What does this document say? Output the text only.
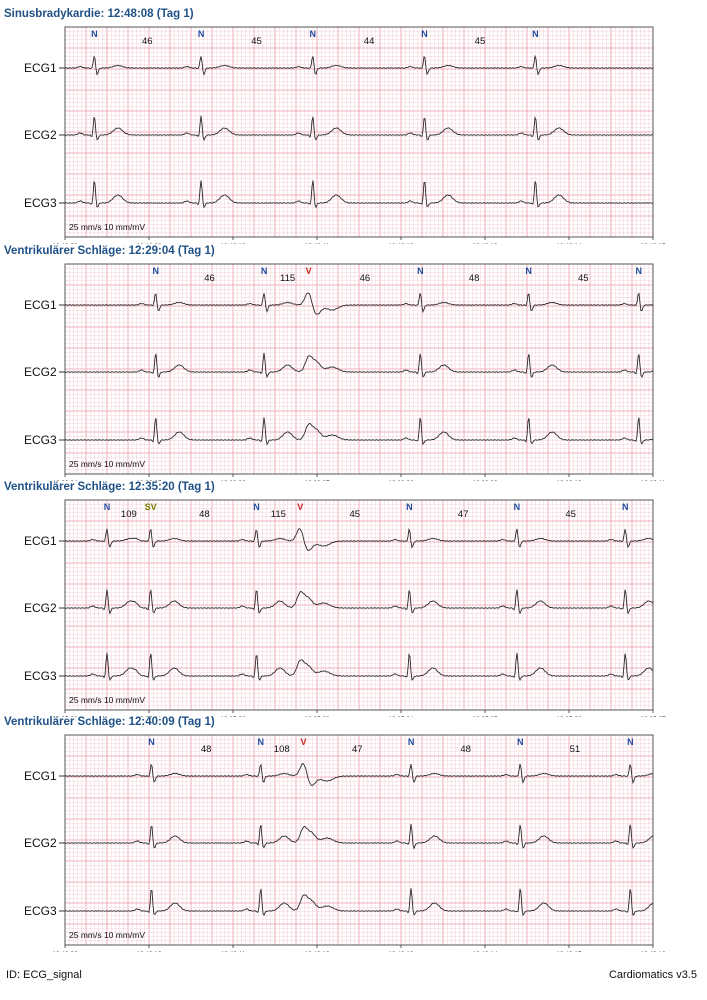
Sinusbradykardie: 12:48:08 (Tag 1)
ECG1
ECG2
ECG3
N	N	N	N	N
46	45	44	45
25 mm/s 10 mm/mV
Ventrikulärer Schläge: 12:29:04 (Tag 1)
ECG1
ECG2
ECG3
N	N	V	N	N	N
46	115	46	48	45
25 mm/s 10 mm/mV
Ventrikulärer Schläge: 12:35:20 (Tag 1)
ECG1
ECG2
ECG3
N	SV	N	V	N	N	N
109	48	115	45	47	45
25 mm/s 10 mm/mV
Ventrikulärer Schläge: 12:40:09 (Tag 1)
ECG1
ECG2
ECG3
N	N	V	N	N	N
48	108	47	48	51
25 mm/s 10 mm/mV
ID: ECG_signal	Cardiomatics v3.5
